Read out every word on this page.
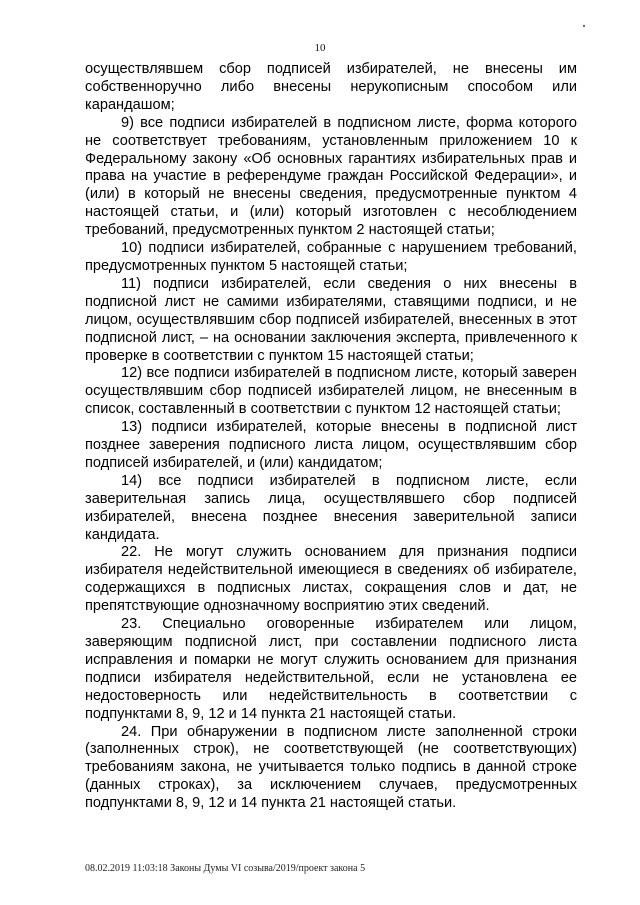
10

осуществлявшем сбор подписей избирателей, не внесены им собственноручно либо внесены нерукописным способом или карандашом;

9) все подписи избирателей в подписном листе, форма которого не соответствует требованиям, установленным приложением 10 к Федеральному закону «Об основных гарантиях избирательных прав и права на участие в референдуме граждан Российской Федерации», и (или) в который не внесены сведения, предусмотренные пунктом 4 настоящей статьи, и (или) который изготовлен с несоблюдением требований, предусмотренных пунктом 2 настоящей статьи;

10) подписи избирателей, собранные с нарушением требований, предусмотренных пунктом 5 настоящей статьи;

11) подписи избирателей, если сведения о них внесены в подписной лист не самими избирателями, ставящими подписи, и не лицом, осуществлявшим сбор подписей избирателей, внесенных в этот подписной лист, – на основании заключения эксперта, привлеченного к проверке в соответствии с пунктом 15 настоящей статьи;

12) все подписи избирателей в подписном листе, который заверен осуществлявшим сбор подписей избирателей лицом, не внесенным в список, составленный в соответствии с пунктом 12 настоящей статьи;

13) подписи избирателей, которые внесены в подписной лист позднее заверения подписного листа лицом, осуществлявшим сбор подписей избирателей, и (или) кандидатом;

14) все подписи избирателей в подписном листе, если заверительная запись лица, осуществлявшего сбор подписей избирателей, внесена позднее внесения заверительной записи кандидата.

22. Не могут служить основанием для признания подписи избирателя недействительной имеющиеся в сведениях об избирателе, содержащихся в подписных листах, сокращения слов и дат, не препятствующие однозначному восприятию этих сведений.

23. Специально оговоренные избирателем или лицом, заверяющим подписной лист, при составлении подписного листа исправления и помарки не могут служить основанием для признания подписи избирателя недействительной, если не установлена ее недостоверность или недействительность в соответствии с подпунктами 8, 9, 12 и 14 пункта 21 настоящей статьи.

24. При обнаружении в подписном листе заполненной строки (заполненных строк), не соответствующей (не соответствующих) требованиям закона, не учитывается только подпись в данной строке (данных строках), за исключением случаев, предусмотренных подпунктами 8, 9, 12 и 14 пункта 21 настоящей статьи.

08.02.2019 11:03:18 Законы Думы VI созыва/2019/проект закона 5
